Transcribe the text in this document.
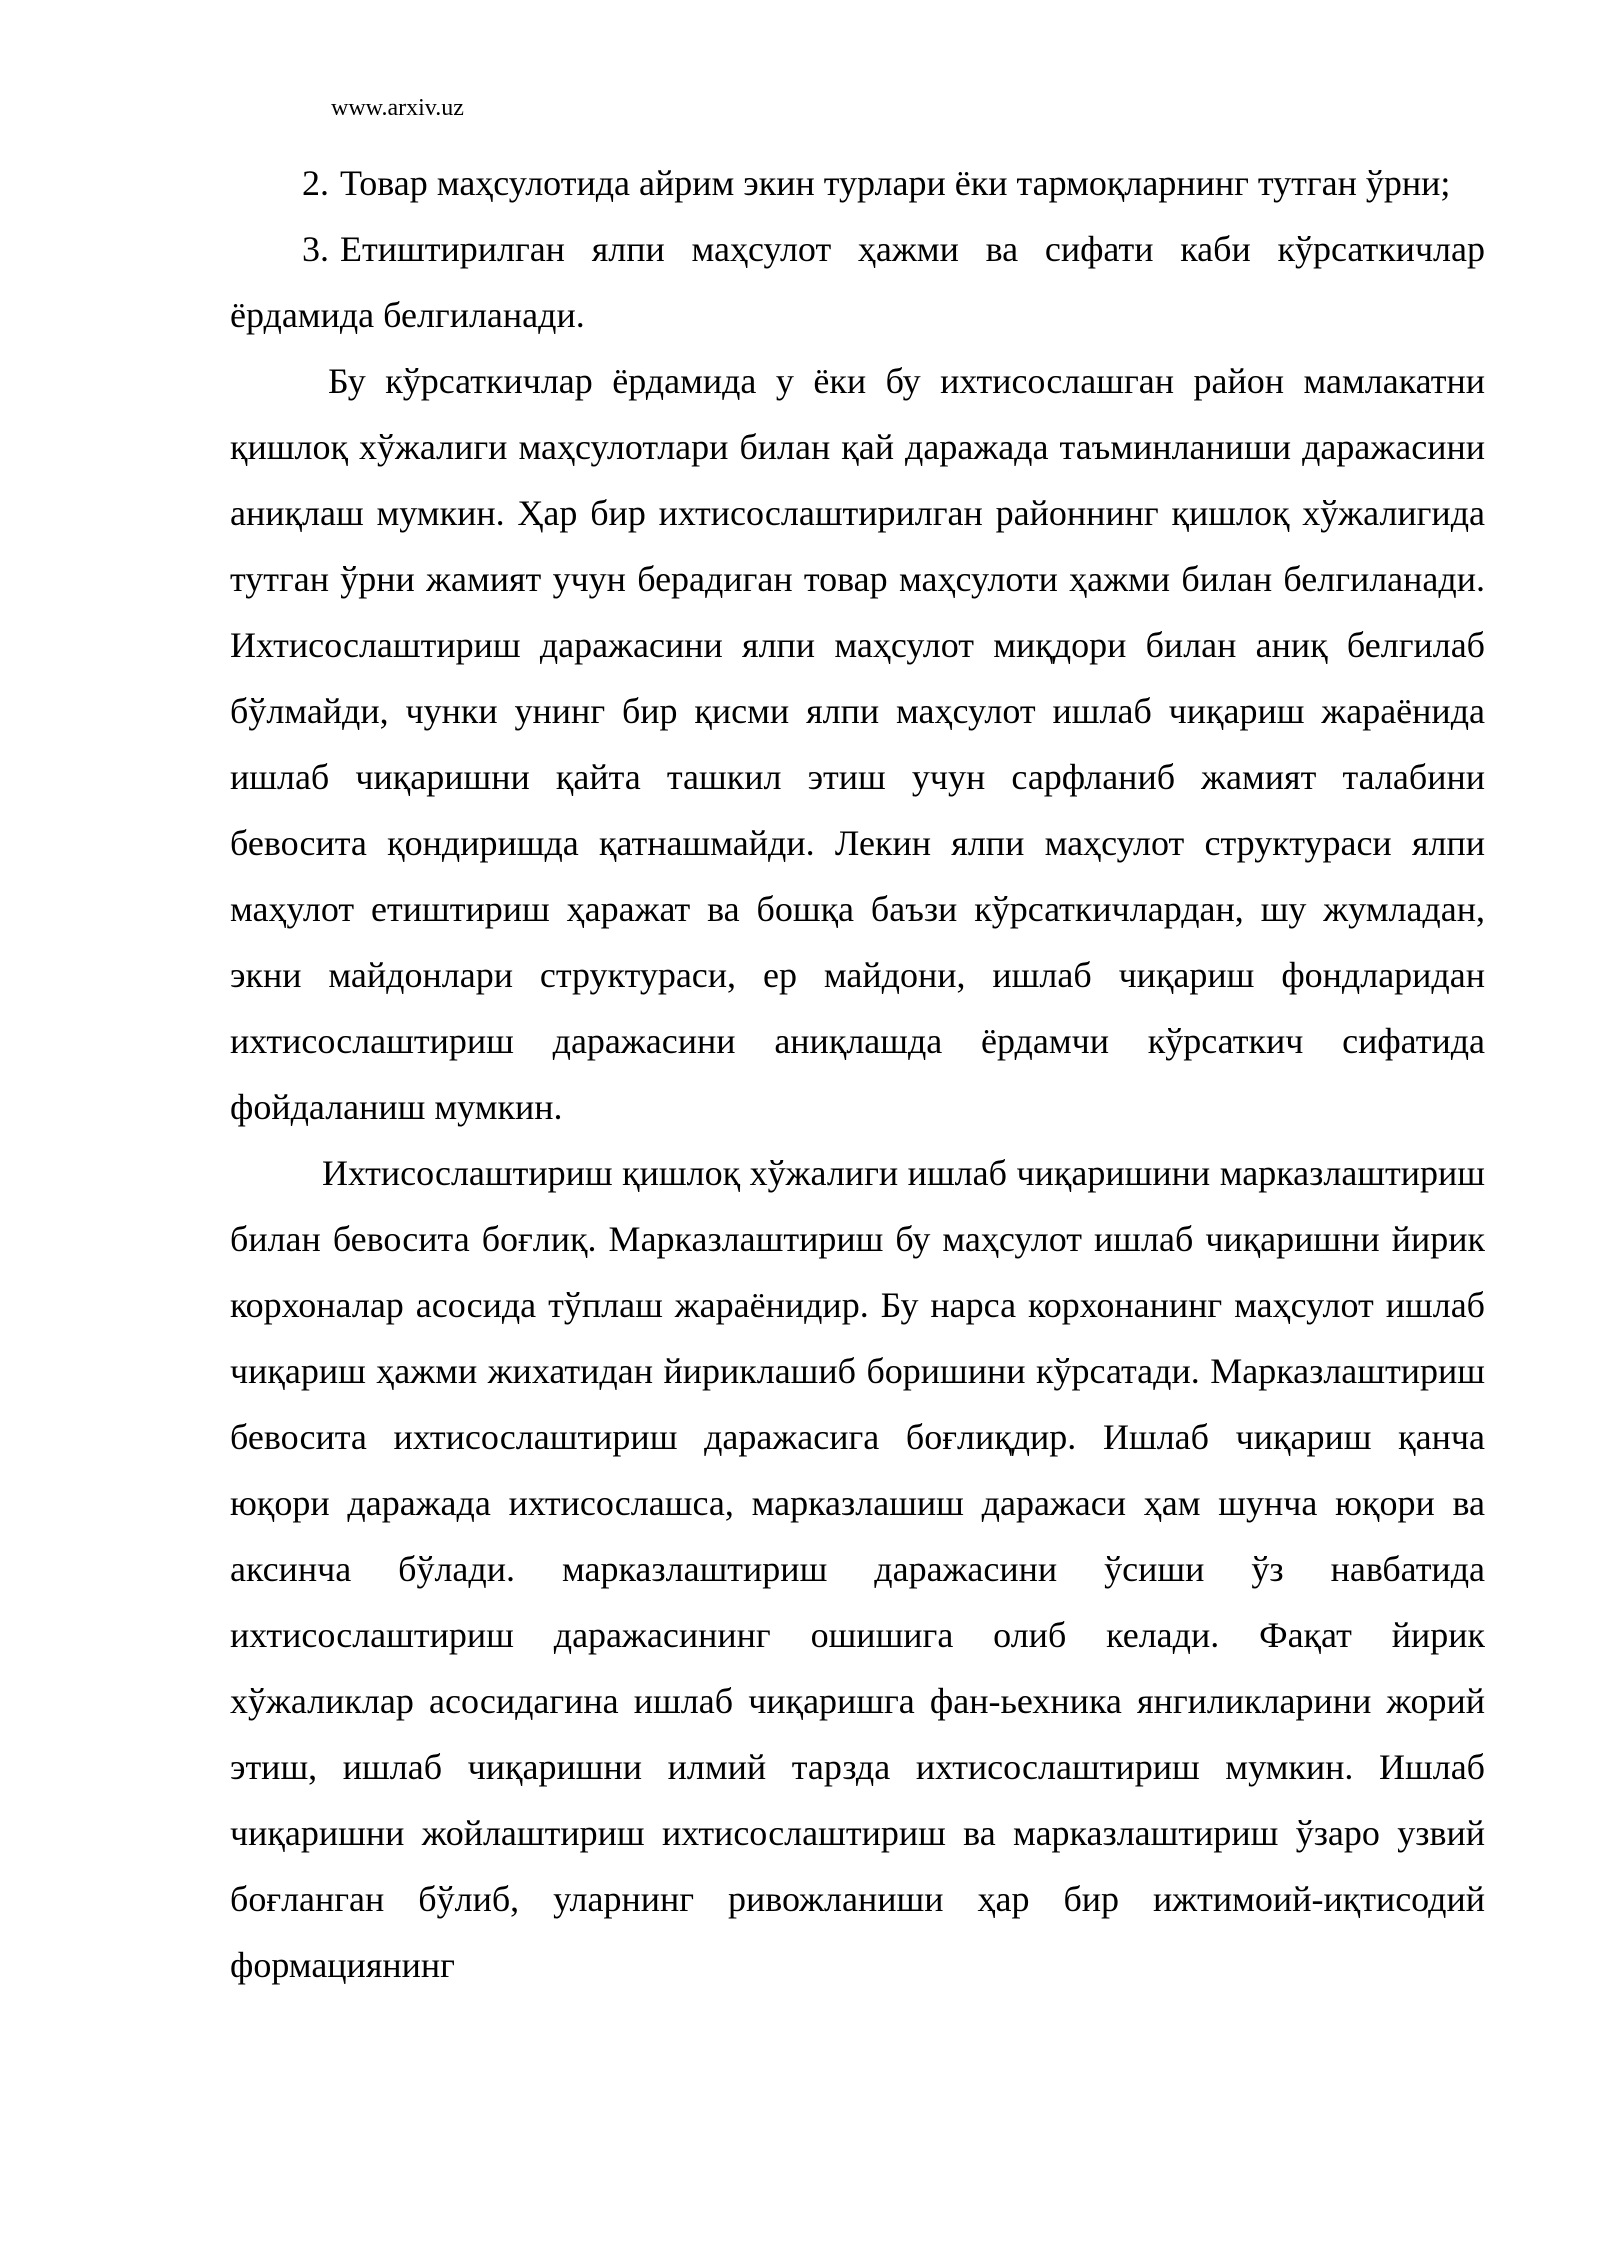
www.arxiv.uz

2. Товар маҳсулотида айрим экин турлари ёки тармоқларнинг тутган ўрни;

3. Етиштирилган ялпи маҳсулот ҳажми ва сифати каби кўрсаткичлар ёрдамида белгиланади.

Бу кўрсаткичлар ёрдамида у ёки бу ихтисослашган район мамлакатни қишлоқ хўжалиги маҳсулотлари билан қай даражада таъминланиши даражасини аниқлаш мумкин. Ҳар бир ихтисослаштирилган районнинг қишлоқ хўжалигида тутган ўрни жамият учун берадиган товар маҳсулоти ҳажми билан белгиланади. Ихтисослаштириш даражасини ялпи маҳсулот миқдори билан аниқ белгилаб бўлмайди, чунки унинг бир қисми ялпи маҳсулот ишлаб чиқариш жараёнида ишлаб чиқаришни қайта ташкил этиш учун сарфланиб жамият талабини бевосита қондиришда қатнашмайди. Лекин ялпи маҳсулот структураси ялпи маҳулот етиштириш ҳаражат ва бошқа баъзи кўрсаткичлардан, шу жумладан, экни майдонлари структураси, ер майдони, ишлаб чиқариш фондларидан ихтисослаштириш даражасини аниқлашда ёрдамчи кўрсаткич сифатида фойдаланиш мумкин.

Ихтисослаштириш қишлоқ хўжалиги ишлаб чиқаришини марказлаштириш билан бевосита боғлиқ. Марказлаштириш бу маҳсулот ишлаб чиқаришни йирик корхоналар асосида тўплаш жараёнидир. Бу нарса корхонанинг маҳсулот ишлаб чиқариш ҳажми жихатидан йириклашиб боришини кўрсатади. Марказлаштириш бевосита ихтисослаштириш даражасига боғлиқдир. Ишлаб чиқариш қанча юқори даражада ихтисослашса, марказлашиш даражаси ҳам шунча юқори ва аксинча бўлади. марказлаштириш даражасини ўсиши ўз навбатида ихтисослаштириш даражасининг ошишига олиб келади. Фақат йирик хўжаликлар асосидагина ишлаб чиқаришга фан-ьехника янгиликларини жорий этиш, ишлаб чиқаришни илмий тарзда ихтисослаштириш мумкин. Ишлаб чиқаришни жойлаштириш ихтисослаштириш ва марказлаштириш ўзаро узвий боғланган бўлиб, уларнинг ривожланиши ҳар бир ижтимоий-иқтисодий формациянинг
